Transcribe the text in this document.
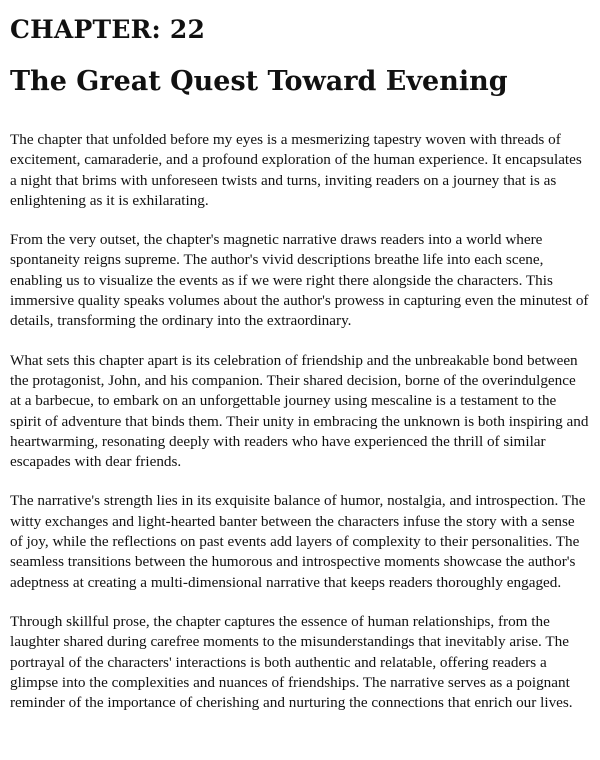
CHAPTER: 22
The Great Quest Toward Evening

The chapter that unfolded before my eyes is a mesmerizing tapestry woven with threads of excitement, camaraderie, and a profound exploration of the human experience. It encapsulates a night that brims with unforeseen twists and turns, inviting readers on a journey that is as enlightening as it is exhilarating.

From the very outset, the chapter's magnetic narrative draws readers into a world where spontaneity reigns supreme. The author's vivid descriptions breathe life into each scene, enabling us to visualize the events as if we were right there alongside the characters. This immersive quality speaks volumes about the author's prowess in capturing even the minutest of details, transforming the ordinary into the extraordinary.

What sets this chapter apart is its celebration of friendship and the unbreakable bond between the protagonist, John, and his companion. Their shared decision, borne of the overindulgence at a barbecue, to embark on an unforgettable journey using mescaline is a testament to the spirit of adventure that binds them. Their unity in embracing the unknown is both inspiring and heartwarming, resonating deeply with readers who have experienced the thrill of similar escapades with dear friends.

The narrative's strength lies in its exquisite balance of humor, nostalgia, and introspection. The witty exchanges and light-hearted banter between the characters infuse the story with a sense of joy, while the reflections on past events add layers of complexity to their personalities. The seamless transitions between the humorous and introspective moments showcase the author's adeptness at creating a multi-dimensional narrative that keeps readers thoroughly engaged.

Through skillful prose, the chapter captures the essence of human relationships, from the laughter shared during carefree moments to the misunderstandings that inevitably arise. The portrayal of the characters' interactions is both authentic and relatable, offering readers a glimpse into the complexities and nuances of friendships. The narrative serves as a poignant reminder of the importance of cherishing and nurturing the connections that enrich our lives.
